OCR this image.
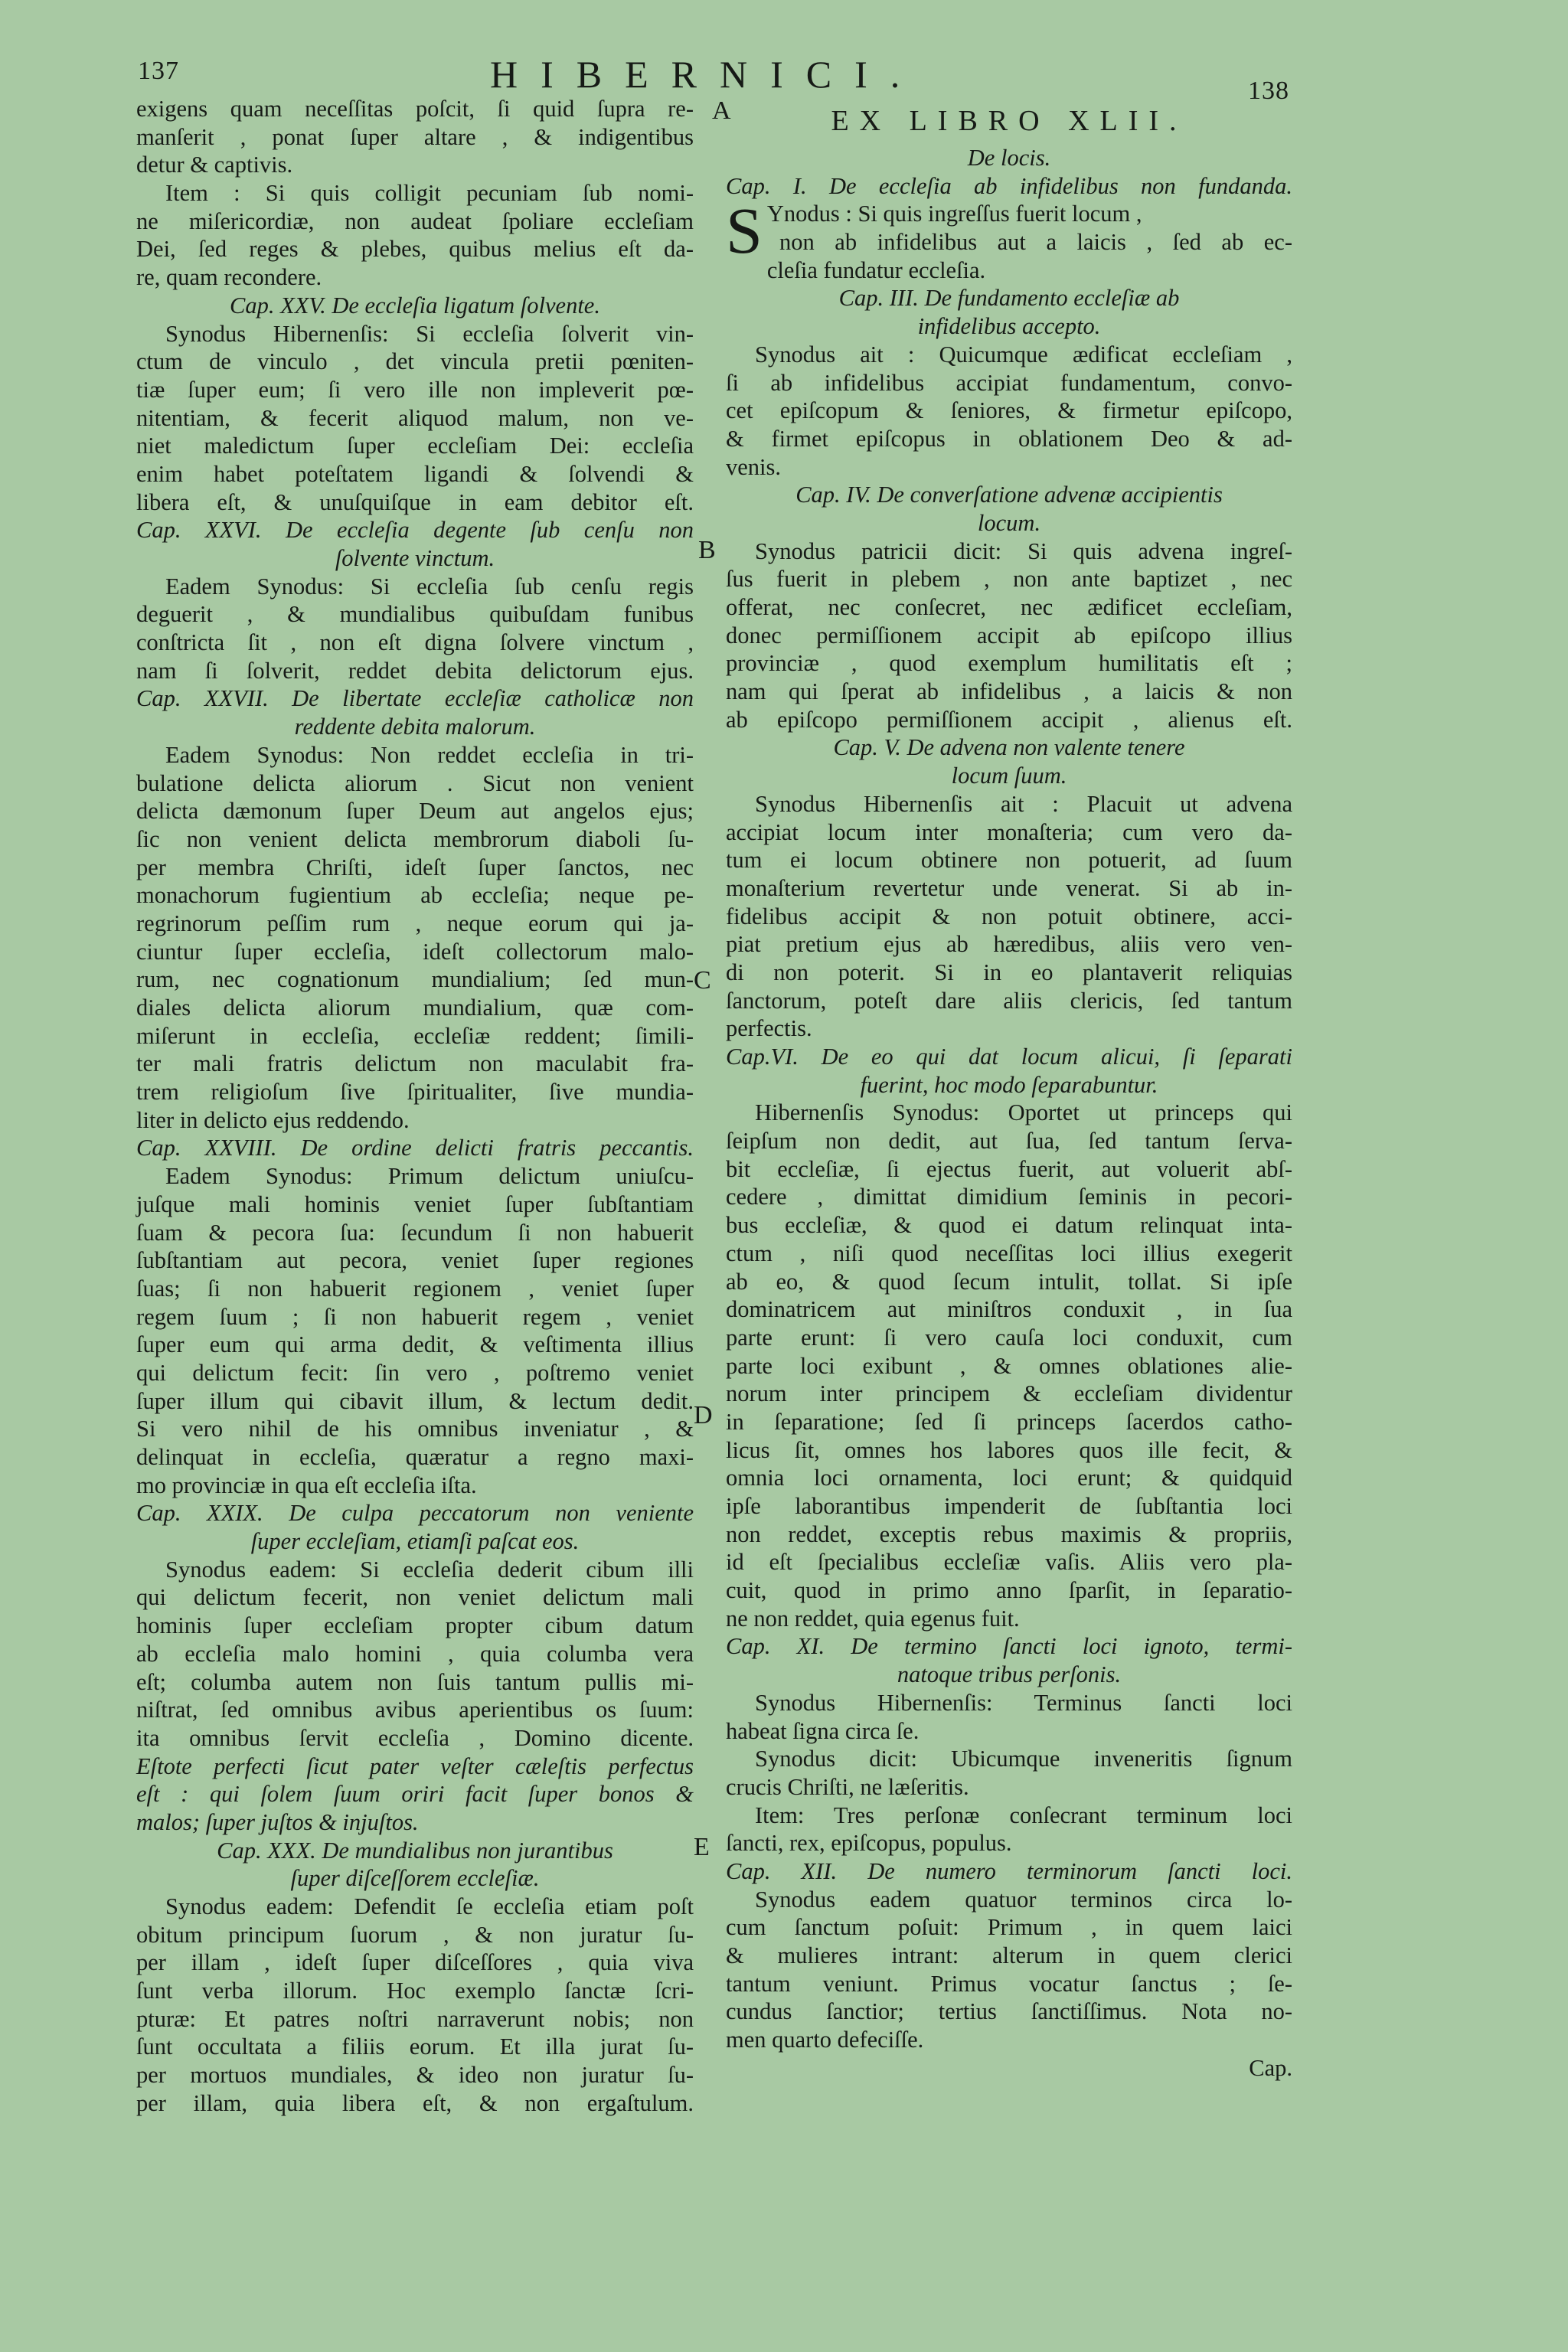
137	HIBERNICI.	138
exigens quam neceſſitas poſcit, ſi quid ſupra re-
manſerit , ponat ſuper altare , & indigentibus
detur & captivis.
Item : Si quis colligit pecuniam ſub nomi-
ne miſericordiæ, non audeat ſpoliare eccleſiam
Dei, ſed reges & plebes, quibus melius eſt da-
re, quam recondere.
Cap. XXV. De eccleſia ligatum ſolvente.
Synodus Hibernenſis: Si eccleſia ſolverit vin-
ctum de vinculo , det vincula pretii pœniten-
tiæ ſuper eum; ſi vero ille non impleverit pœ-
nitentiam, & fecerit aliquod malum, non ve-
niet maledictum ſuper eccleſiam Dei: eccleſia
enim habet poteſtatem ligandi & ſolvendi &
libera eſt, & unuſquiſque in eam debitor eſt.
Cap. XXVI. De eccleſia degente ſub cenſu non
ſolvente vinctum.
Eadem Synodus: Si eccleſia ſub cenſu regis
deguerit , & mundialibus quibuſdam funibus
conſtricta ſit , non eſt digna ſolvere vinctum ,
nam ſi ſolverit, reddet debita delictorum ejus.
Cap. XXVII. De libertate eccleſiæ catholicæ non
reddente debita malorum.
Eadem Synodus: Non reddet eccleſia in tri-
bulatione delicta aliorum . Sicut non venient
delicta dæmonum ſuper Deum aut angelos ejus;
ſic non venient delicta membrorum diaboli ſu-
per membra Chriſti, ideſt ſuper ſanctos, nec
monachorum fugientium ab eccleſia; neque pe-
regrinorum peſſim rum , neque eorum qui ja-
ciuntur ſuper eccleſia, ideſt collectorum malo-
rum, nec cognationum mundialium; ſed mun-
diales delicta aliorum mundialium, quæ com-
miſerunt in eccleſia, eccleſiæ reddent; ſimili-
ter mali fratris delictum non maculabit fra-
trem religioſum ſive ſpiritualiter, ſive mundia-
liter in delicto ejus reddendo.
Cap. XXVIII. De ordine delicti fratris peccantis.
Eadem Synodus: Primum delictum uniuſcu-
juſque mali hominis veniet ſuper ſubſtantiam
ſuam & pecora ſua: ſecundum ſi non habuerit
ſubſtantiam aut pecora, veniet ſuper regiones
ſuas; ſi non habuerit regionem , veniet ſuper
regem ſuum ; ſi non habuerit regem , veniet
ſuper eum qui arma dedit, & veſtimenta illius
qui delictum fecit: ſin vero , poſtremo veniet
ſuper illum qui cibavit illum, & lectum dedit.
Si vero nihil de his omnibus inveniatur , &
delinquat in eccleſia, quæratur a regno maxi-
mo provinciæ in qua eſt eccleſia iſta.
Cap. XXIX. De culpa peccatorum non veniente
ſuper eccleſiam, etiamſi paſcat eos.
Synodus eadem: Si eccleſia dederit cibum illi
qui delictum fecerit, non veniet delictum mali
hominis ſuper eccleſiam propter cibum datum
ab eccleſia malo homini , quia columba vera
eſt; columba autem non ſuis tantum pullis mi-
niſtrat, ſed omnibus avibus aperientibus os ſuum:
ita omnibus ſervit eccleſia , Domino dicente.
Eſtote perfecti ſicut pater veſter cæleſtis perfectus
eſt : qui ſolem ſuum oriri facit ſuper bonos &
malos; ſuper juſtos & injuſtos.
Cap. XXX. De mundialibus non jurantibus
ſuper diſceſſorem eccleſiæ.
Synodus eadem: Defendit ſe eccleſia etiam poſt
obitum principum ſuorum , & non juratur ſu-
per illam , ideſt ſuper diſceſſores , quia viva
ſunt verba illorum. Hoc exemplo ſanctæ ſcri-
pturæ: Et patres noſtri narraverunt nobis; non
ſunt occultata a filiis eorum. Et illa jurat ſu-
per mortuos mundiales, & ideo non juratur ſu-
per illam, quia libera eſt, & non ergaſtulum.
EX LIBRO XLII.
De locis.
Cap. I. De eccleſia ab infidelibus non fundanda.
S Ynodus : Si quis ingreſſus fuerit locum ,
non ab infidelibus aut a laicis , ſed ab ec-
cleſia fundatur eccleſia.
Cap. III. De fundamento eccleſiæ ab
infidelibus accepto.
Synodus ait : Quicumque ædificat eccleſiam ,
ſi ab infidelibus accipiat fundamentum, convo-
cet epiſcopum & ſeniores, & firmetur epiſcopo,
& firmet epiſcopus in oblationem Deo & ad-
venis.
Cap. IV. De converſatione advenæ accipientis
locum.
Synodus patricii dicit: Si quis advena ingreſ-
ſus fuerit in plebem , non ante baptizet , nec
offerat, nec conſecret, nec ædificet eccleſiam,
donec permiſſionem accipit ab epiſcopo illius
provinciæ , quod exemplum humilitatis eſt ;
nam qui ſperat ab infidelibus , a laicis & non
ab epiſcopo permiſſionem accipit , alienus eſt.
Cap. V. De advena non valente tenere
locum ſuum.
Synodus Hibernenſis ait : Placuit ut advena
accipiat locum inter monaſteria; cum vero da-
tum ei locum obtinere non potuerit, ad ſuum
monaſterium revertetur unde venerat. Si ab in-
fidelibus accipit & non potuit obtinere, acci-
piat pretium ejus ab hæredibus, aliis vero ven-
di non poterit. Si in eo plantaverit reliquias
ſanctorum, poteſt dare aliis clericis, ſed tantum
perfectis.
Cap.VI. De eo qui dat locum alicui, ſi ſeparati
fuerint, hoc modo ſeparabuntur.
Hibernenſis Synodus: Oportet ut princeps qui
ſeipſum non dedit, aut ſua, ſed tantum ſerva-
bit eccleſiæ, ſi ejectus fuerit, aut voluerit abſ-
cedere , dimittat dimidium ſeminis in pecori-
bus eccleſiæ, & quod ei datum relinquat inta-
ctum , niſi quod neceſſitas loci illius exegerit
ab eo, & quod ſecum intulit, tollat. Si ipſe
dominatricem aut miniſtros conduxit , in ſua
parte erunt: ſi vero cauſa loci conduxit, cum
parte loci exibunt , & omnes oblationes alie-
norum inter principem & eccleſiam dividentur
in ſeparatione; ſed ſi princeps ſacerdos catho-
licus ſit, omnes hos labores quos ille fecit, &
omnia loci ornamenta, loci erunt; & quidquid
ipſe laborantibus impenderit de ſubſtantia loci
non reddet, exceptis rebus maximis & propriis,
id eſt ſpecialibus eccleſiæ vaſis. Aliis vero pla-
cuit, quod in primo anno ſparſit, in ſeparatio-
ne non reddet, quia egenus fuit.
Cap. XI. De termino ſancti loci ignoto, termi-
natoque tribus perſonis.
Synodus Hibernenſis: Terminus ſancti loci
habeat ſigna circa ſe.
Synodus dicit: Ubicumque inveneritis ſignum
crucis Chriſti, ne læſeritis.
Item: Tres perſonæ conſecrant terminum loci
ſancti, rex, epiſcopus, populus.
Cap. XII. De numero terminorum ſancti loci.
Synodus eadem quatuor terminos circa lo-
cum ſanctum poſuit: Primum , in quem laici
& mulieres intrant: alterum in quem clerici
tantum veniunt. Primus vocatur ſanctus ; ſe-
cundus ſanctior; tertius ſanctiſſimus. Nota no-
men quarto defeciſſe.
Cap.
A
B
C
D
E
